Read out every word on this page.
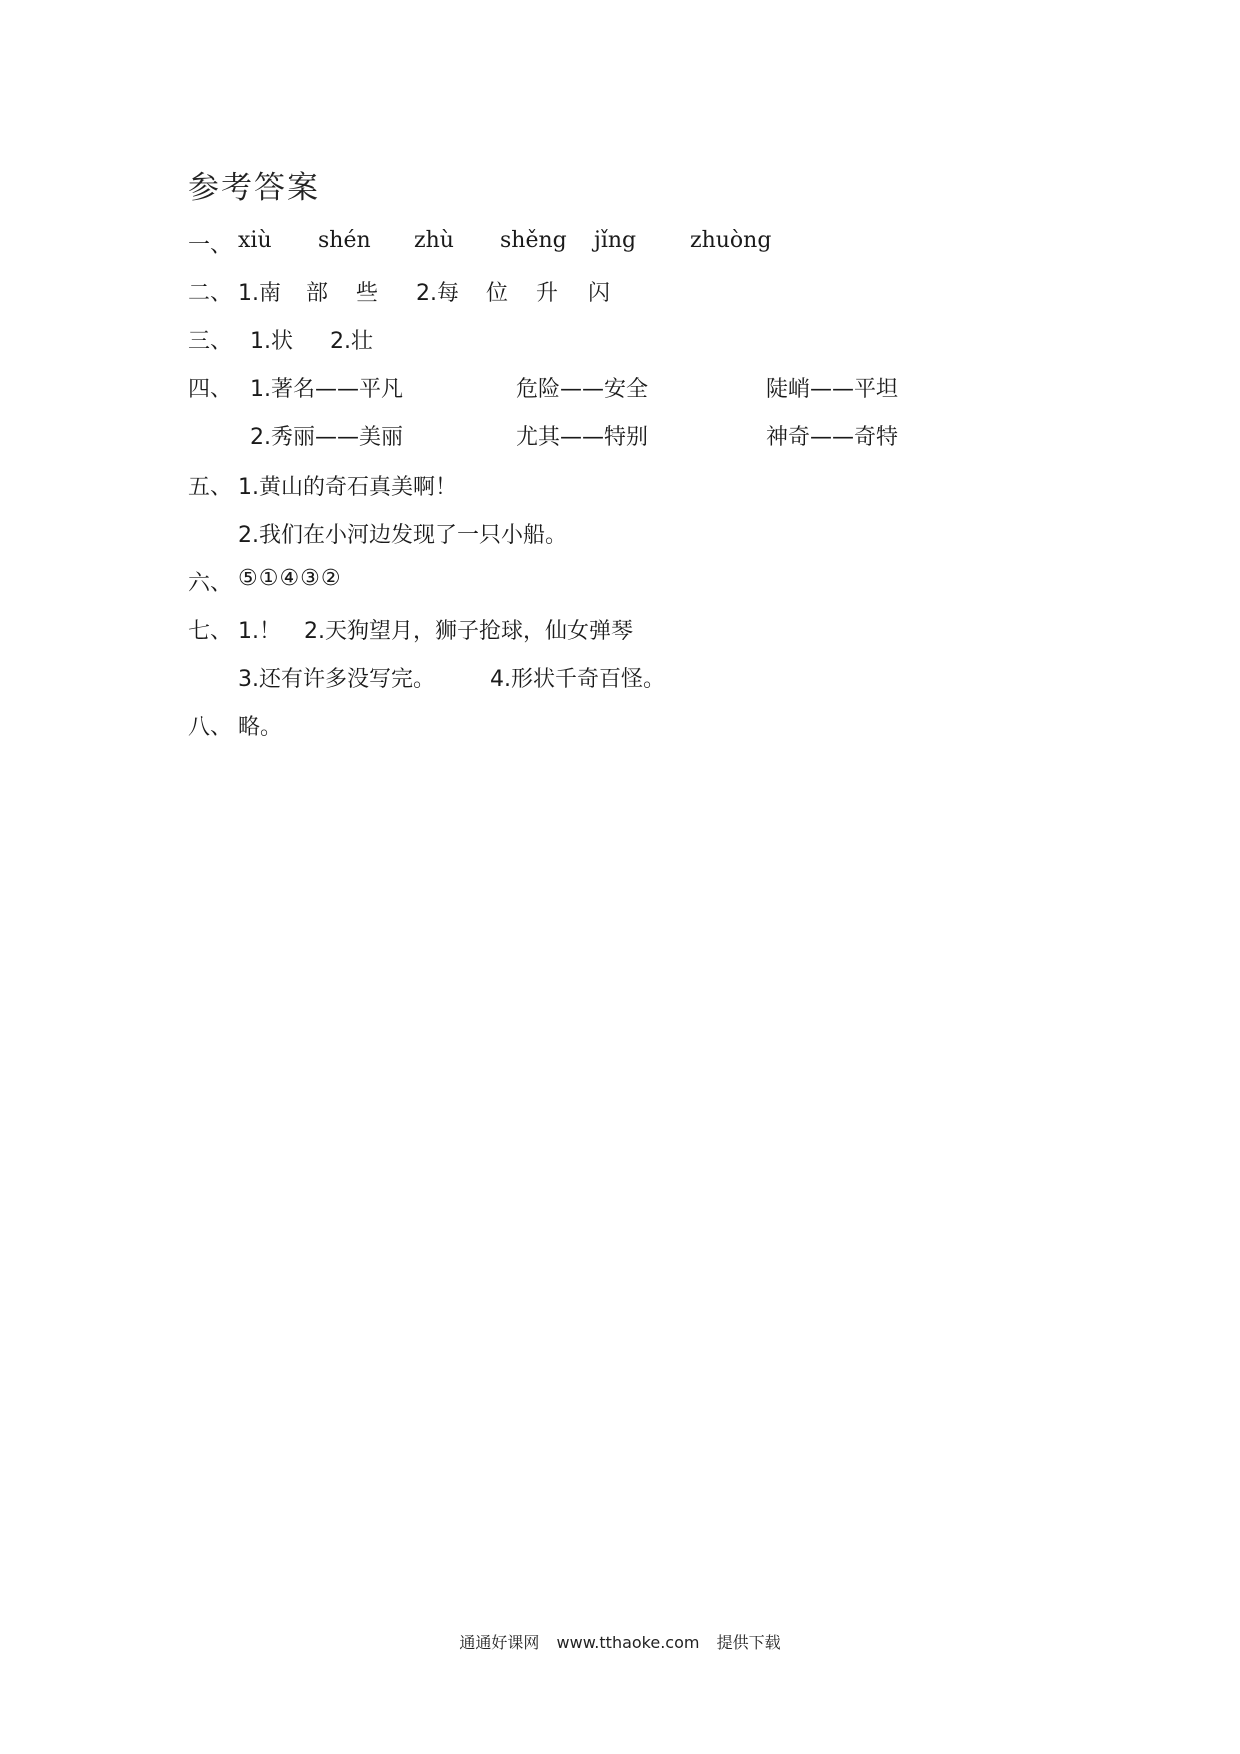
参考答案
一、 xiù shén zhù shěng jǐng zhuòng
二、 1.南 部 些 2.每 位 升 闪
三、 1.状 2.壮
四、 1.著名——平凡	危险——安全	陡峭——平坦
2.秀丽——美丽	尤其——特别	神奇——奇特
五、 1.黄山的奇石真美啊！
2.我们在小河边发现了一只小船。
六、 ⑤①④③②
七、 1.！ 2.天狗望月，狮子抢球，仙女弹琴
3.还有许多没写完。	4.形状千奇百怪。
八、 略。
通通好课网 www.tthaoke.com 提供下载
